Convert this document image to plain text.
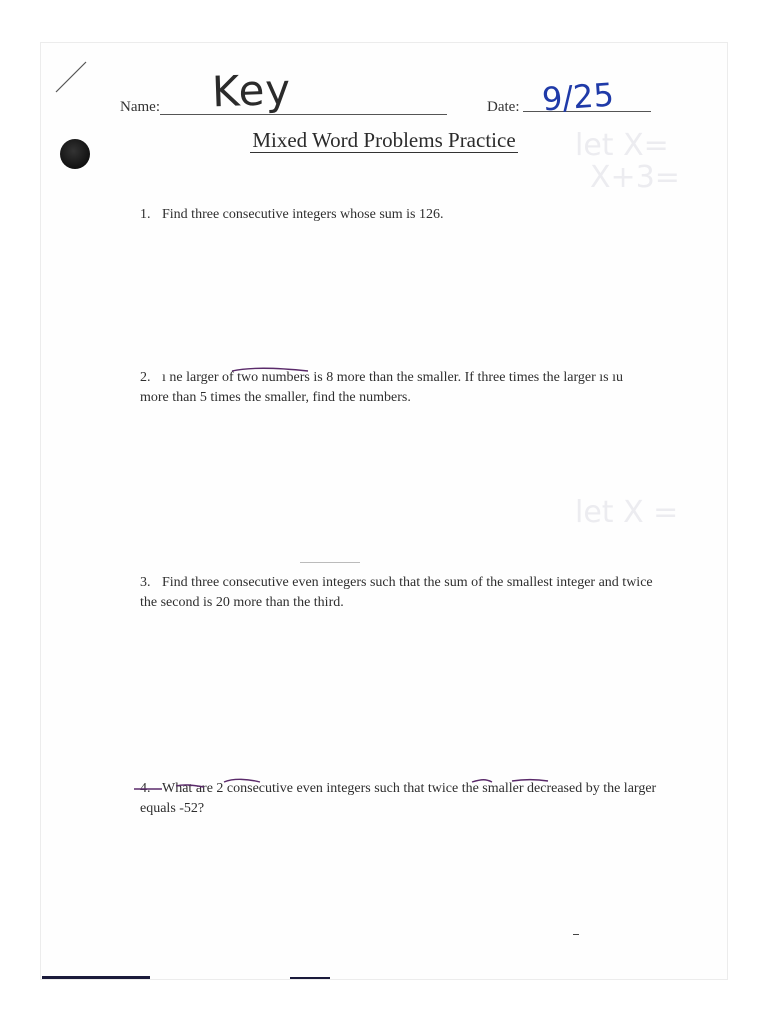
let X=
X+3=
let X =
Name: Key	Date: 9/25
Mixed Word Problems Practice
1. Find three consecutive integers whose sum is 126.
2. ı ne larger of two numbers is 8 more than the smaller. If three times the larger ıs ıu more than 5 times the smaller, find the numbers.
3. Find three consecutive even integers such that the sum of the smallest integer and twice the second is 20 more than the third.
4. What are 2 consecutive even integers such that twice the smaller decreased by the larger equals -52?
